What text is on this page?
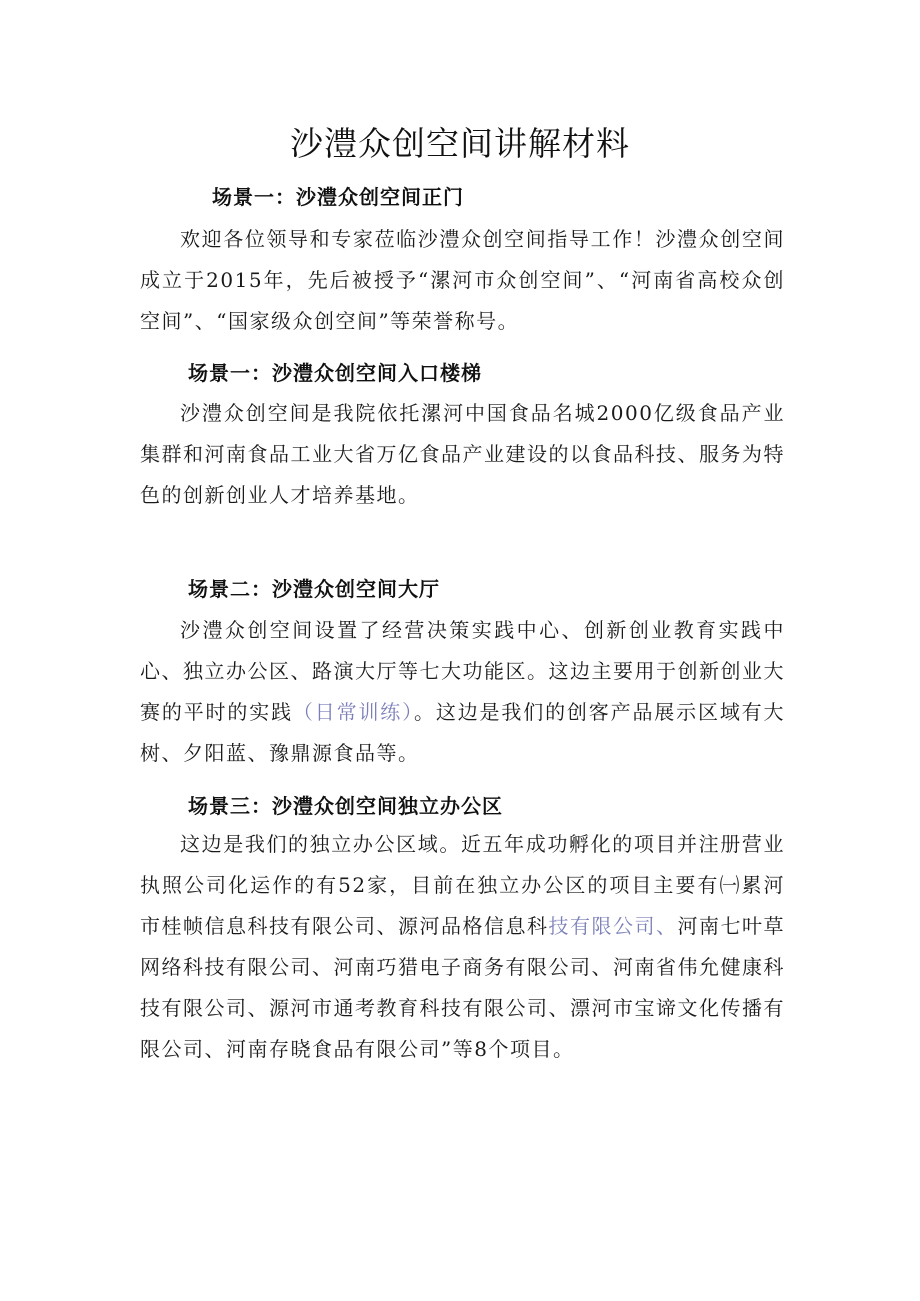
沙澧众创空间讲解材料
场景一：沙澧众创空间正门

欢迎各位领导和专家莅临沙澧众创空间指导工作！沙澧众创空间成立于2015年，先后被授予“漯河市众创空间”、“河南省高校众创空间”、“国家级众创空间”等荣誉称号。

场景一：沙澧众创空间入口楼梯

沙澧众创空间是我院依托漯河中国食品名城2000亿级食品产业集群和河南食品工业大省万亿食品产业建设的以食品科技、服务为特色的创新创业人才培养基地。

场景二：沙澧众创空间大厅

沙澧众创空间设置了经营决策实践中心、创新创业教育实践中心、独立办公区、路演大厅等七大功能区。这边主要用于创新创业大赛的平时的实践（日常训练）。这边是我们的创客产品展示区域有大树、夕阳蓝、豫鼎源食品等。

场景三：沙澧众创空间独立办公区

这边是我们的独立办公区域。近五年成功孵化的项目并注册营业执照公司化运作的有52家，目前在独立办公区的项目主要有㈠累河市桂帧信息科技有限公司、源河品格信息科技有限公司、河南七叶草网络科技有限公司、河南巧猎电子商务有限公司、河南省伟允健康科技有限公司、源河市通考教育科技有限公司、漂河市宝谛文化传播有限公司、河南存晓食品有限公司”等8个项目。
